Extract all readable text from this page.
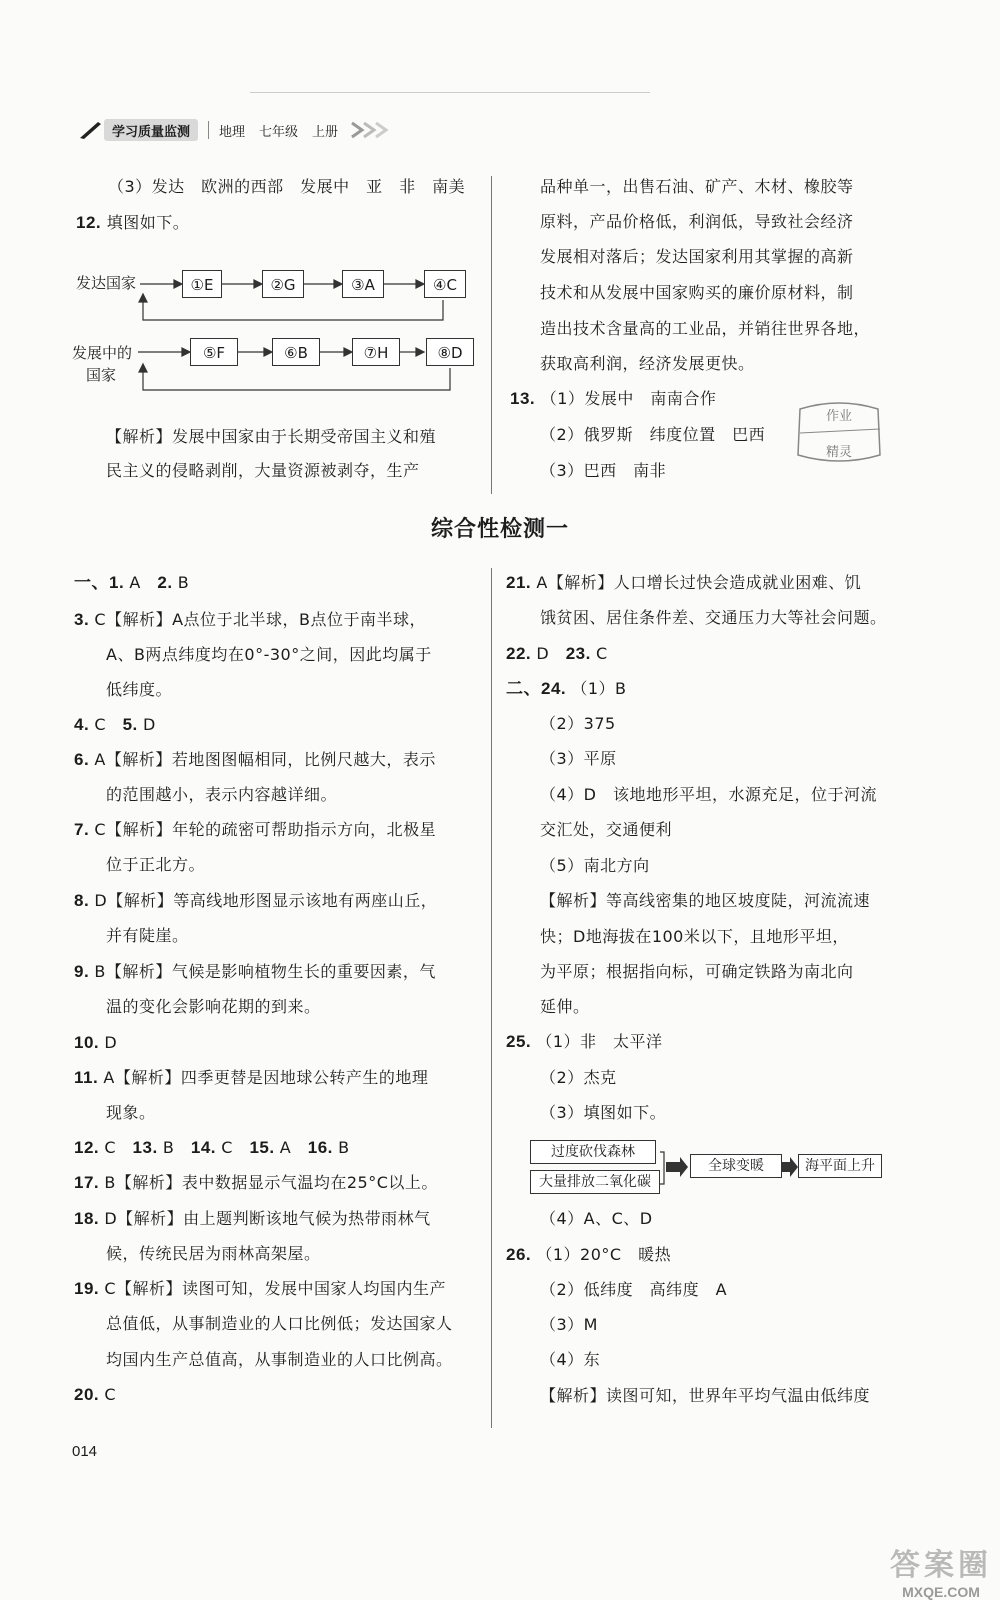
学习质量监测	地理 七年级 上册
（3）发达　欧洲的西部　发展中　亚　非　南美
12. 填图如下。
发达国家	①E	②G	③A	④C
发展中的
国家
⑤F	⑥B	⑦H	⑧D
【解析】发展中国家由于长期受帝国主义和殖
民主义的侵略剥削，大量资源被剥夺，生产
品种单一，出售石油、矿产、木材、橡胶等
原料，产品价格低，利润低，导致社会经济
发展相对落后；发达国家利用其掌握的高新
技术和从发展中国家购买的廉价原材料，制
造出技术含量高的工业品，并销往世界各地，
获取高利润，经济发展更快。
13. （1）发展中　南南合作
（2）俄罗斯　纬度位置　巴西
（3）巴西　南非
作业
精灵
综合性检测一
一、1. A　2. B
3. C【解析】A点位于北半球，B点位于南半球，
A、B两点纬度均在0°-30°之间，因此均属于
低纬度。
4. C　5. D
6. A【解析】若地图图幅相同，比例尺越大，表示
的范围越小，表示内容越详细。
7. C【解析】年轮的疏密可帮助指示方向，北极星
位于正北方。
8. D【解析】等高线地形图显示该地有两座山丘，
并有陡崖。
9. B【解析】气候是影响植物生长的重要因素，气
温的变化会影响花期的到来。
10. D
11. A【解析】四季更替是因地球公转产生的地理
现象。
12. C　13. B　14. C　15. A　16. B
17. B【解析】表中数据显示气温均在25°C以上。
18. D【解析】由上题判断该地气候为热带雨林气
候，传统民居为雨林高架屋。
19. C【解析】读图可知，发展中国家人均国内生产
总值低，从事制造业的人口比例低；发达国家人
均国内生产总值高，从事制造业的人口比例高。
20. C
21. A【解析】人口增长过快会造成就业困难、饥
饿贫困、居住条件差、交通压力大等社会问题。
22. D　23. C
二、24. （1）B
（2）375
（3）平原
（4）D　该地地形平坦，水源充足，位于河流
交汇处，交通便利
（5）南北方向
【解析】等高线密集的地区坡度陡，河流流速
快；D地海拔在100米以下，且地形平坦，
为平原；根据指向标，可确定铁路为南北向
延伸。
25. （1）非　太平洋
（2）杰克
（3）填图如下。
（4）A、C、D
26. （1）20°C　暖热
（2）低纬度　高纬度　A
（3）M
（4）东
【解析】读图可知，世界年平均气温由低纬度
过度砍伐森林
大量排放二氧化碳
全球变暖	海平面上升
014
答案圈
MXQE.COM
